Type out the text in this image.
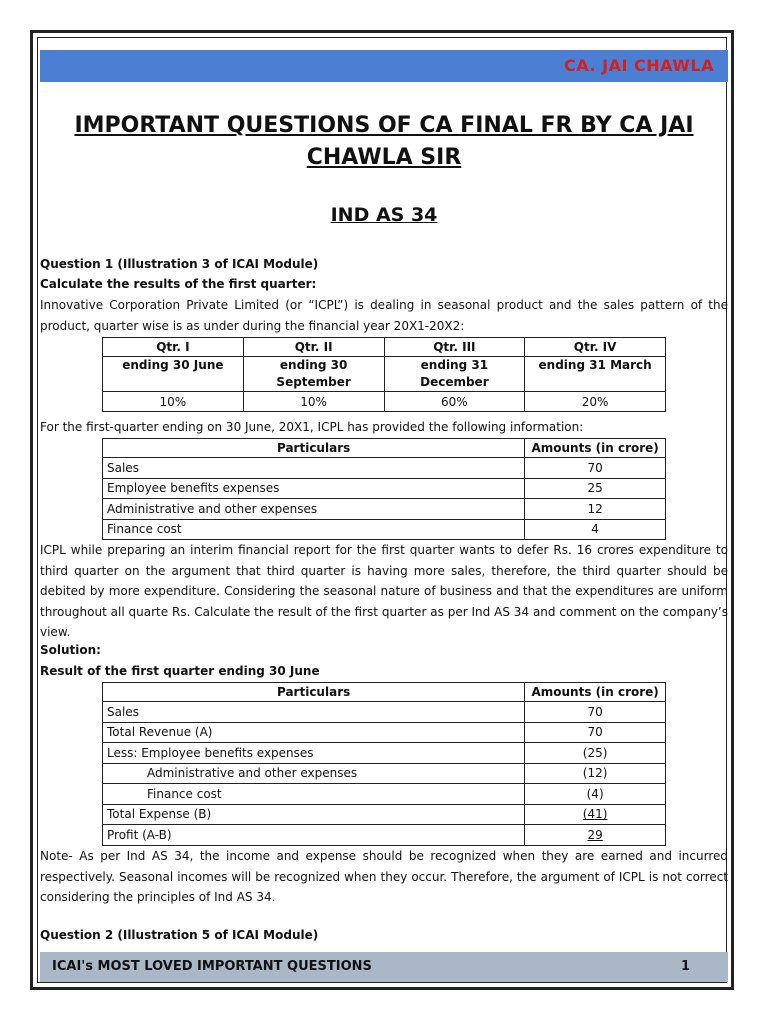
CA. JAI CHAWLA
IMPORTANT QUESTIONS OF CA FINAL FR BY CA JAI
CHAWLA SIR
IND AS 34
Question 1 (Illustration 3 of ICAI Module)
Calculate the results of the first quarter:
Innovative Corporation Private Limited (or “ICPL”) is dealing in seasonal product and the sales pattern of the product, quarter wise is as under during the financial year 20X1-20X2:
Qtr. I	Qtr. II	Qtr. III	Qtr. IV
ending 30 June	ending 30 September	ending 31 December	ending 31 March
10%	10%	60%	20%
For the first-quarter ending on 30 June, 20X1, ICPL has provided the following information:
Particulars	Amounts (in crore)
Sales	70
Employee benefits expenses	25
Administrative and other expenses	12
Finance cost	4
ICPL while preparing an interim financial report for the first quarter wants to defer Rs. 16 crores expenditure to third quarter on the argument that third quarter is having more sales, therefore, the third quarter should be debited by more expenditure. Considering the seasonal nature of business and that the expenditures are uniform throughout all quarte Rs. Calculate the result of the first quarter as per Ind AS 34 and comment on the company’s view.
Solution:
Result of the first quarter ending 30 June
Particulars	Amounts (in crore)
Sales	70
Total Revenue (A)	70
Less: Employee benefits expenses	(25)
Administrative and other expenses	(12)
Finance cost	(4)
Total Expense (B)	(41)
Profit (A-B)	29
Note- As per Ind AS 34, the income and expense should be recognized when they are earned and incurred respectively. Seasonal incomes will be recognized when they occur. Therefore, the argument of ICPL is not correct considering the principles of Ind AS 34.
Question 2 (Illustration 5 of ICAI Module)
ICAI's MOST LOVED IMPORTANT QUESTIONS	1
